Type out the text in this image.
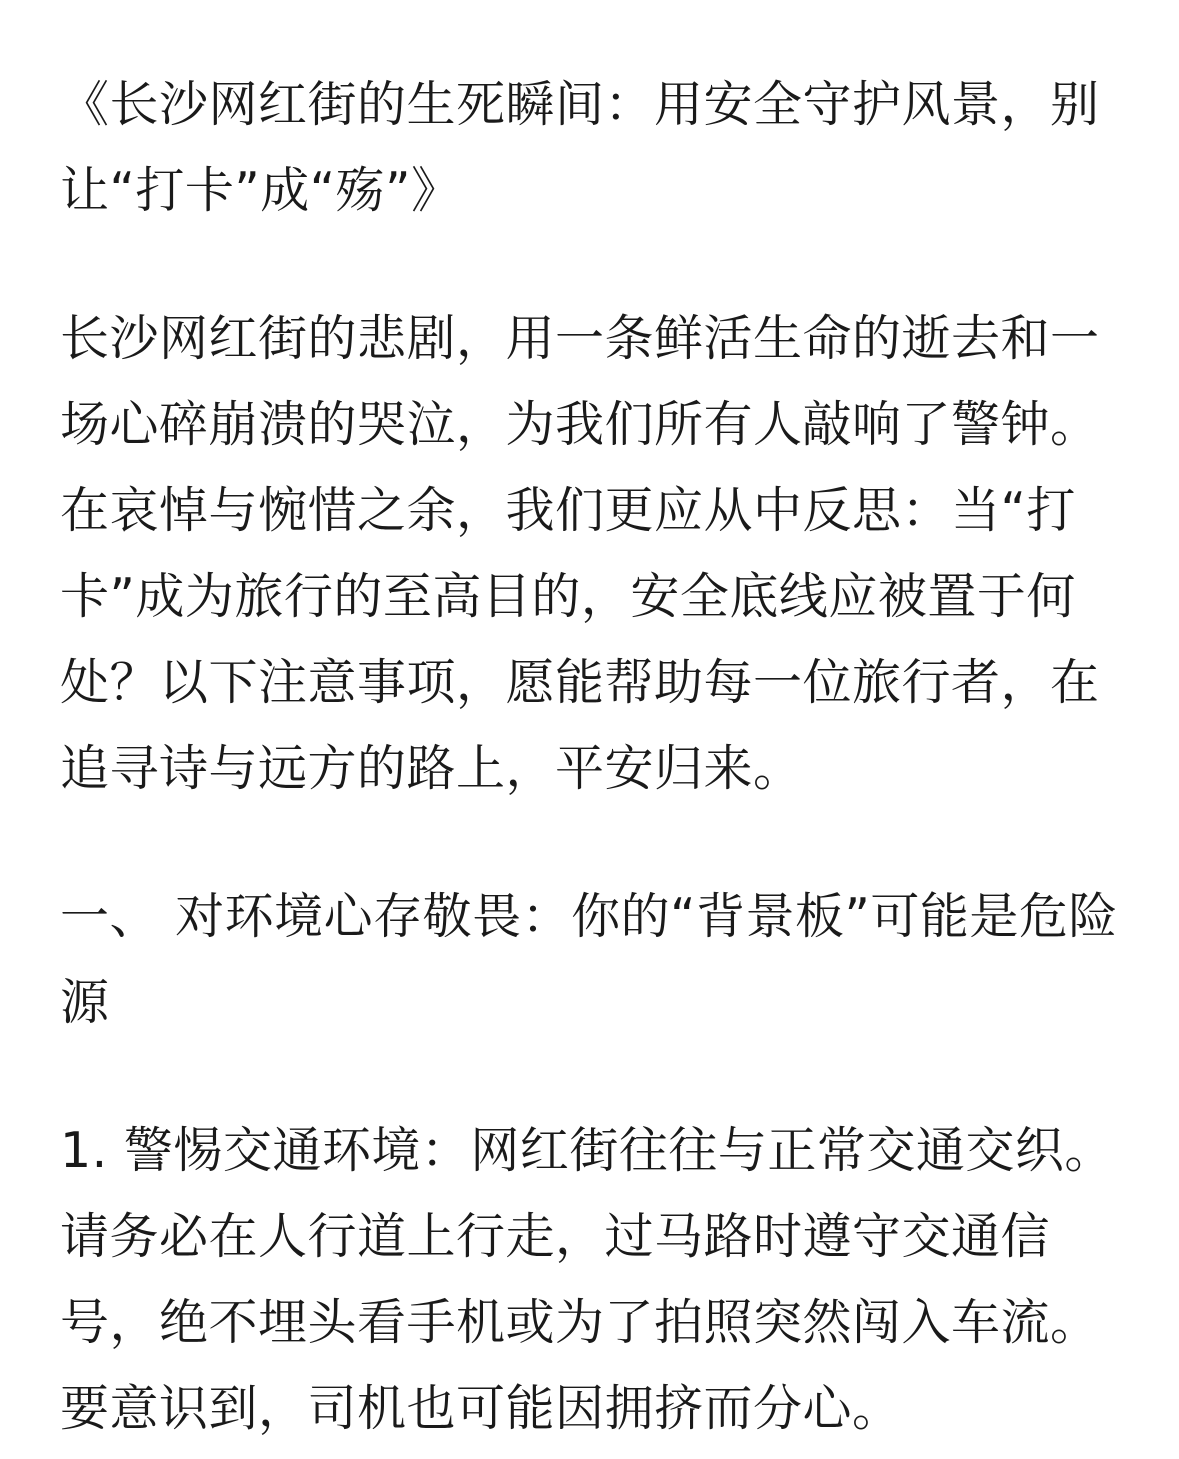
《长沙网红街的生死瞬间：用安全守护风景，别让“打卡”成“殇”》

长沙网红街的悲剧，用一条鲜活生命的逝去和一场心碎崩溃的哭泣，为我们所有人敲响了警钟。在哀悼与惋惜之余，我们更应从中反思：当“打卡”成为旅行的至高目的，安全底线应被置于何处？以下注意事项，愿能帮助每一位旅行者，在追寻诗与远方的路上，平安归来。

一、 对环境心存敬畏：你的“背景板”可能是危险源

1. 警惕交通环境：网红街往往与正常交通交织。请务必在人行道上行走，过马路时遵守交通信号，绝不埋头看手机或为了拍照突然闯入车流。要意识到，司机也可能因拥挤而分心。
